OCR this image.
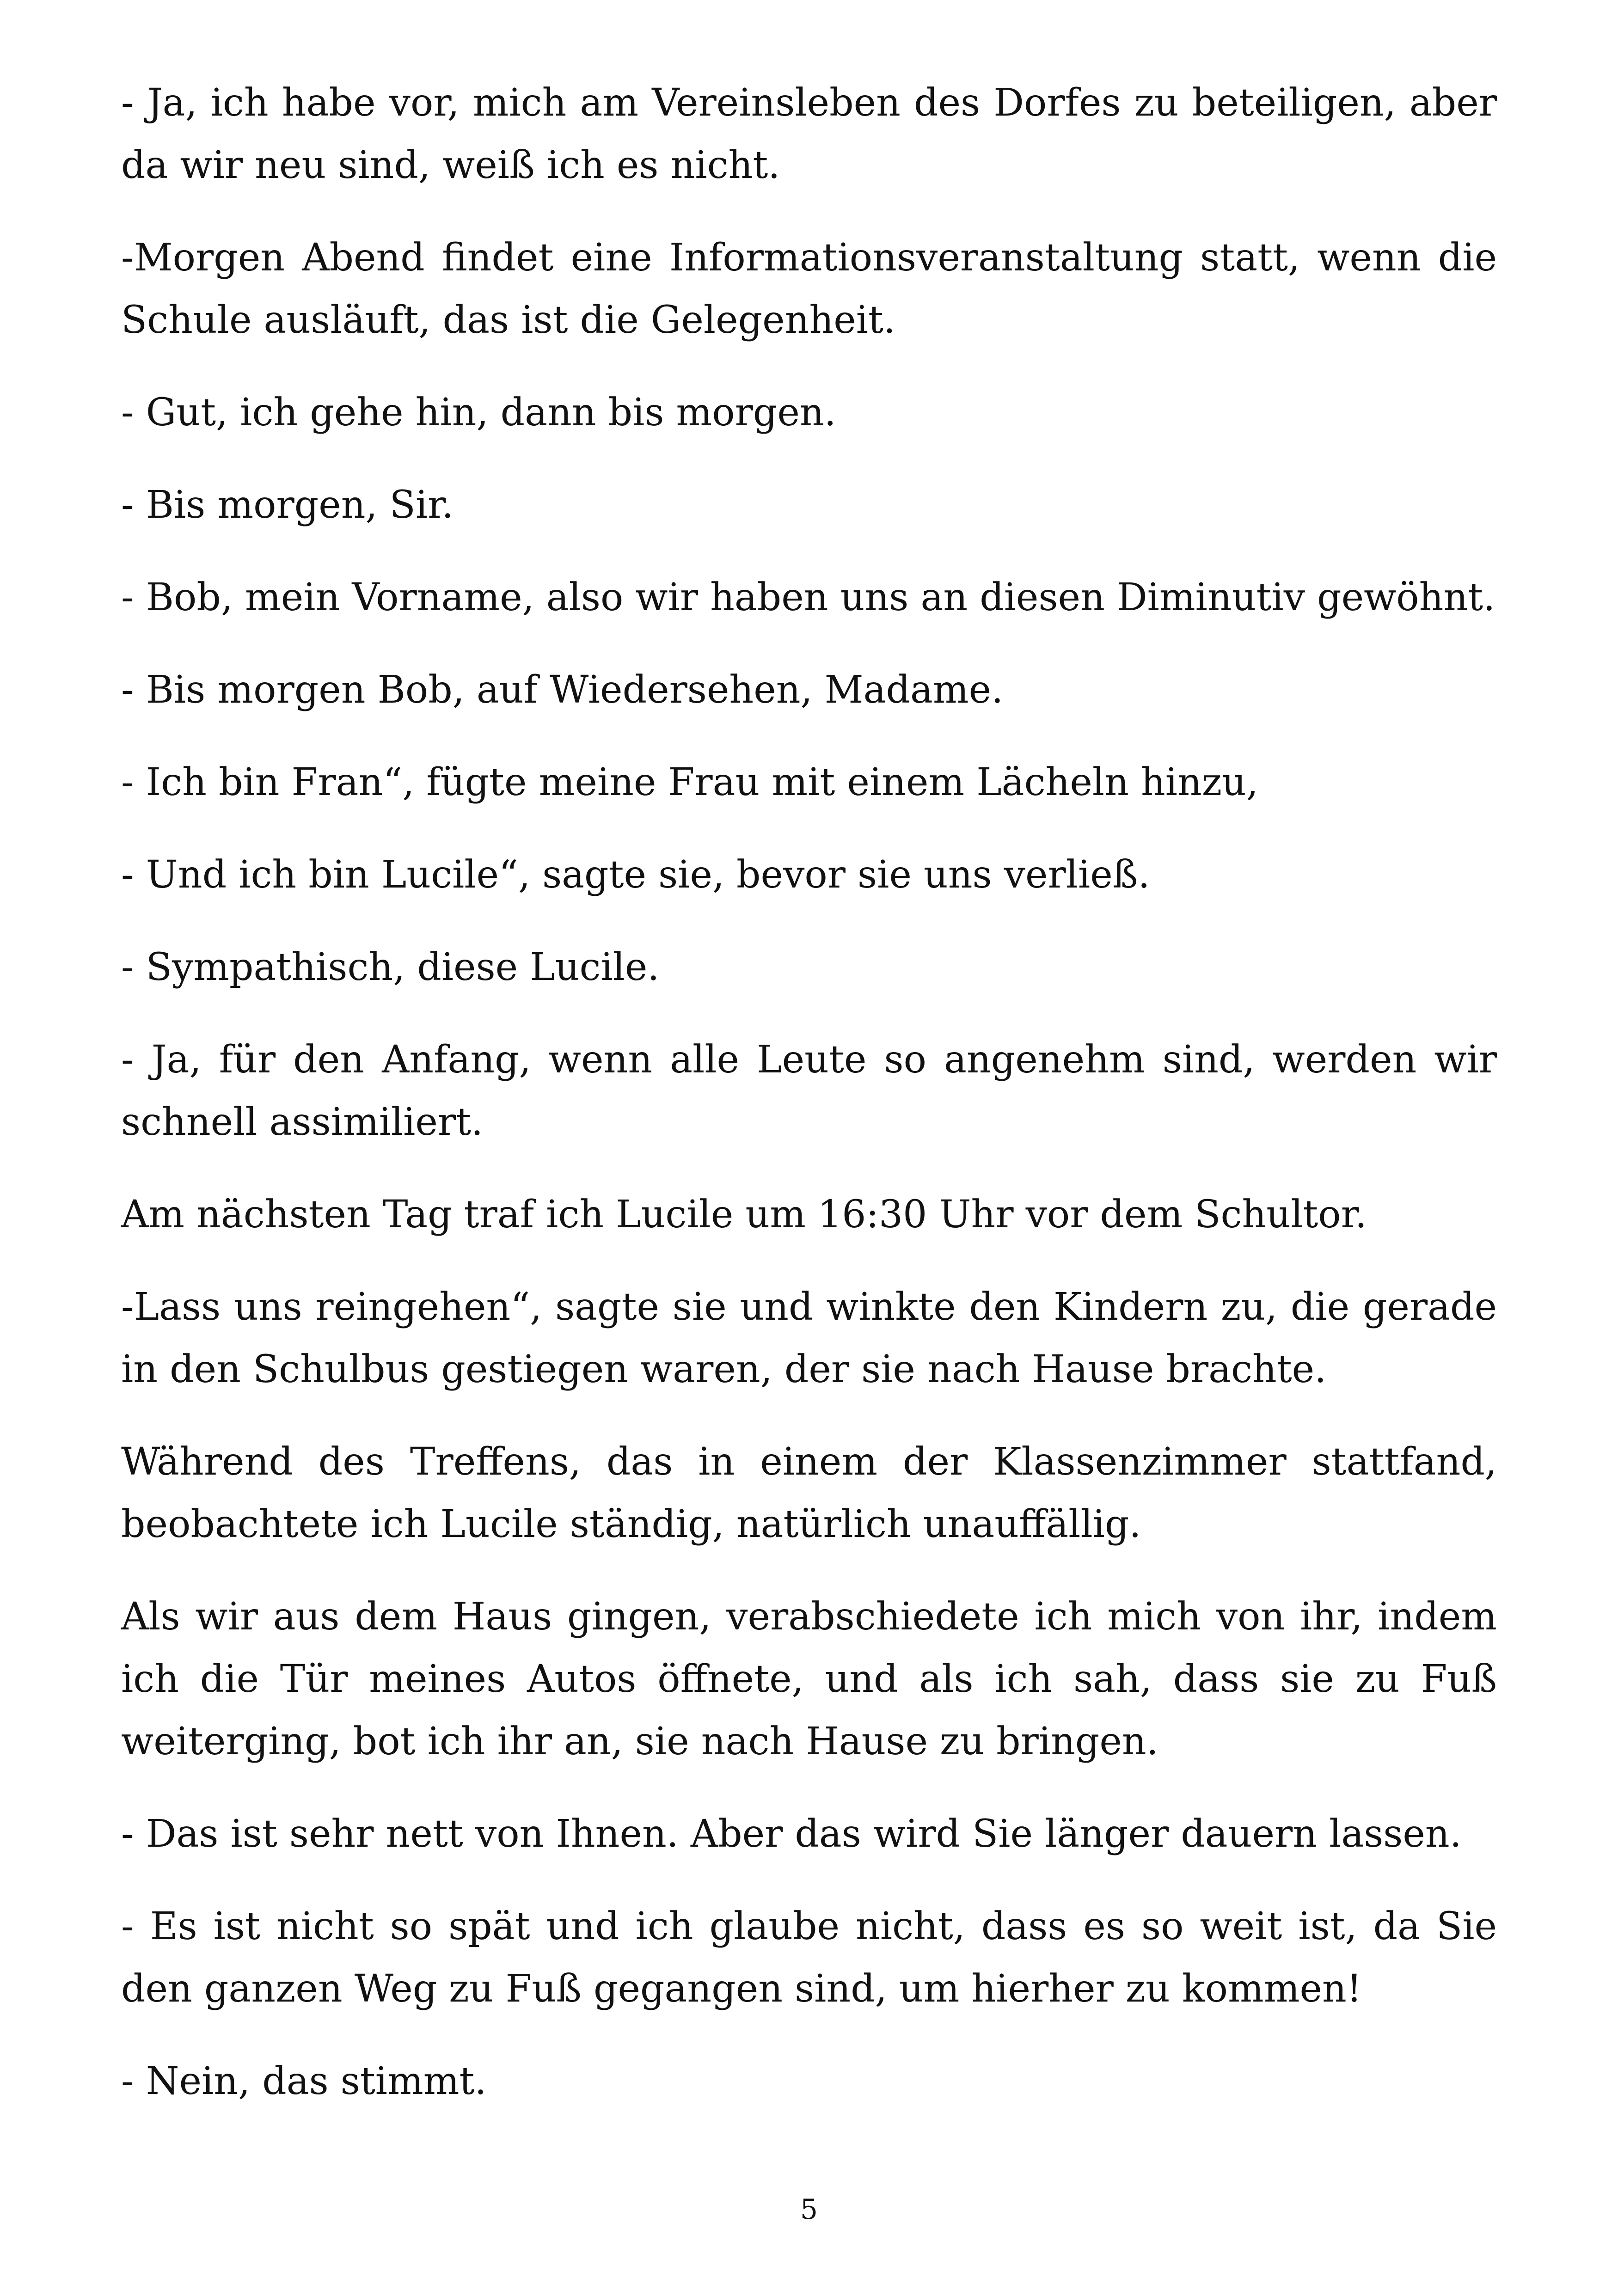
- Ja, ich habe vor, mich am Vereinsleben des Dorfes zu beteiligen, aber da wir neu sind, weiß ich es nicht.

-Morgen Abend findet eine Informationsveranstaltung statt, wenn die Schule ausläuft, das ist die Gelegenheit.

- Gut, ich gehe hin, dann bis morgen.

- Bis morgen, Sir.

- Bob, mein Vorname, also wir haben uns an diesen Diminutiv gewöhnt.

- Bis morgen Bob, auf Wiedersehen, Madame.

- Ich bin Fran“, fügte meine Frau mit einem Lächeln hinzu,

- Und ich bin Lucile“, sagte sie, bevor sie uns verließ.

- Sympathisch, diese Lucile.

- Ja, für den Anfang, wenn alle Leute so angenehm sind, werden wir schnell assimiliert.

Am nächsten Tag traf ich Lucile um 16:30 Uhr vor dem Schultor.

-Lass uns reingehen“, sagte sie und winkte den Kindern zu, die gerade in den Schulbus gestiegen waren, der sie nach Hause brachte.

Während des Treffens, das in einem der Klassenzimmer stattfand, beobachtete ich Lucile ständig, natürlich unauffällig.

Als wir aus dem Haus gingen, verabschiedete ich mich von ihr, indem ich die Tür meines Autos öffnete, und als ich sah, dass sie zu Fuß weiterging, bot ich ihr an, sie nach Hause zu bringen.

- Das ist sehr nett von Ihnen. Aber das wird Sie länger dauern lassen.

- Es ist nicht so spät und ich glaube nicht, dass es so weit ist, da Sie den ganzen Weg zu Fuß gegangen sind, um hierher zu kommen!

- Nein, das stimmt.

5
